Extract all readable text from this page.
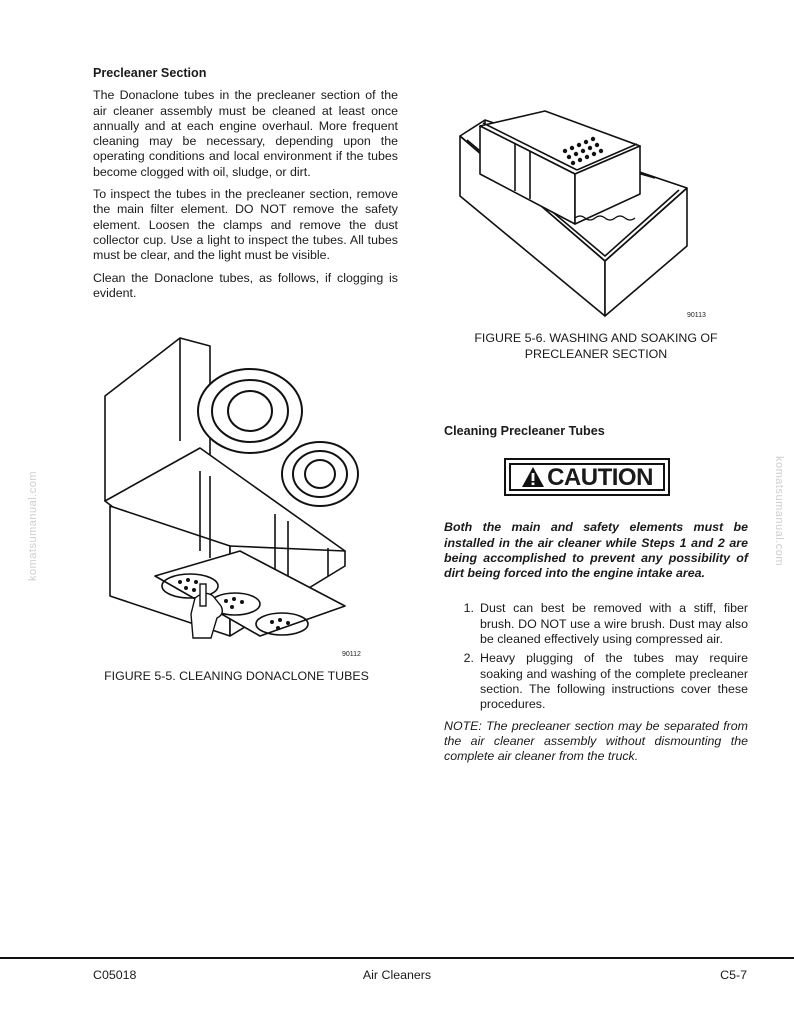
Precleaner Section

The Donaclone tubes in the precleaner section of the air cleaner assembly must be cleaned at least once annually and at each engine overhaul. More frequent cleaning may be necessary, depending upon the operating conditions and local environment if the tubes become clogged with oil, sludge, or dirt.

To inspect the tubes in the precleaner section, remove the main filter element. DO NOT remove the safety element. Loosen the clamps and remove the dust collector cup. Use a light to inspect the tubes. All tubes must be clear, and the light must be visible.

Clean the Donaclone tubes, as follows, if clogging is evident.

90113
FIGURE 5-6. WASHING AND SOAKING OF
PRECLEANER SECTION
90112
FIGURE 5-5. CLEANING DONACLONE TUBES
Cleaning Precleaner Tubes
CAUTION

Both the main and safety elements must be installed in the air cleaner while Steps 1 and 2 are being accomplished to prevent any possibility of dirt being forced into the engine intake area.

1. Dust can best be removed with a stiff, fiber brush. DO NOT use a wire brush. Dust may also be cleaned effectively using compressed air.
2. Heavy plugging of the tubes may require soaking and washing of the complete precleaner section. The following instructions cover these procedures.

NOTE: The precleaner section may be separated from the air cleaner assembly without dismounting the complete air cleaner from the truck.

komatsumanual.com	komatsumanual.com
C05018	Air Cleaners	C5-7
